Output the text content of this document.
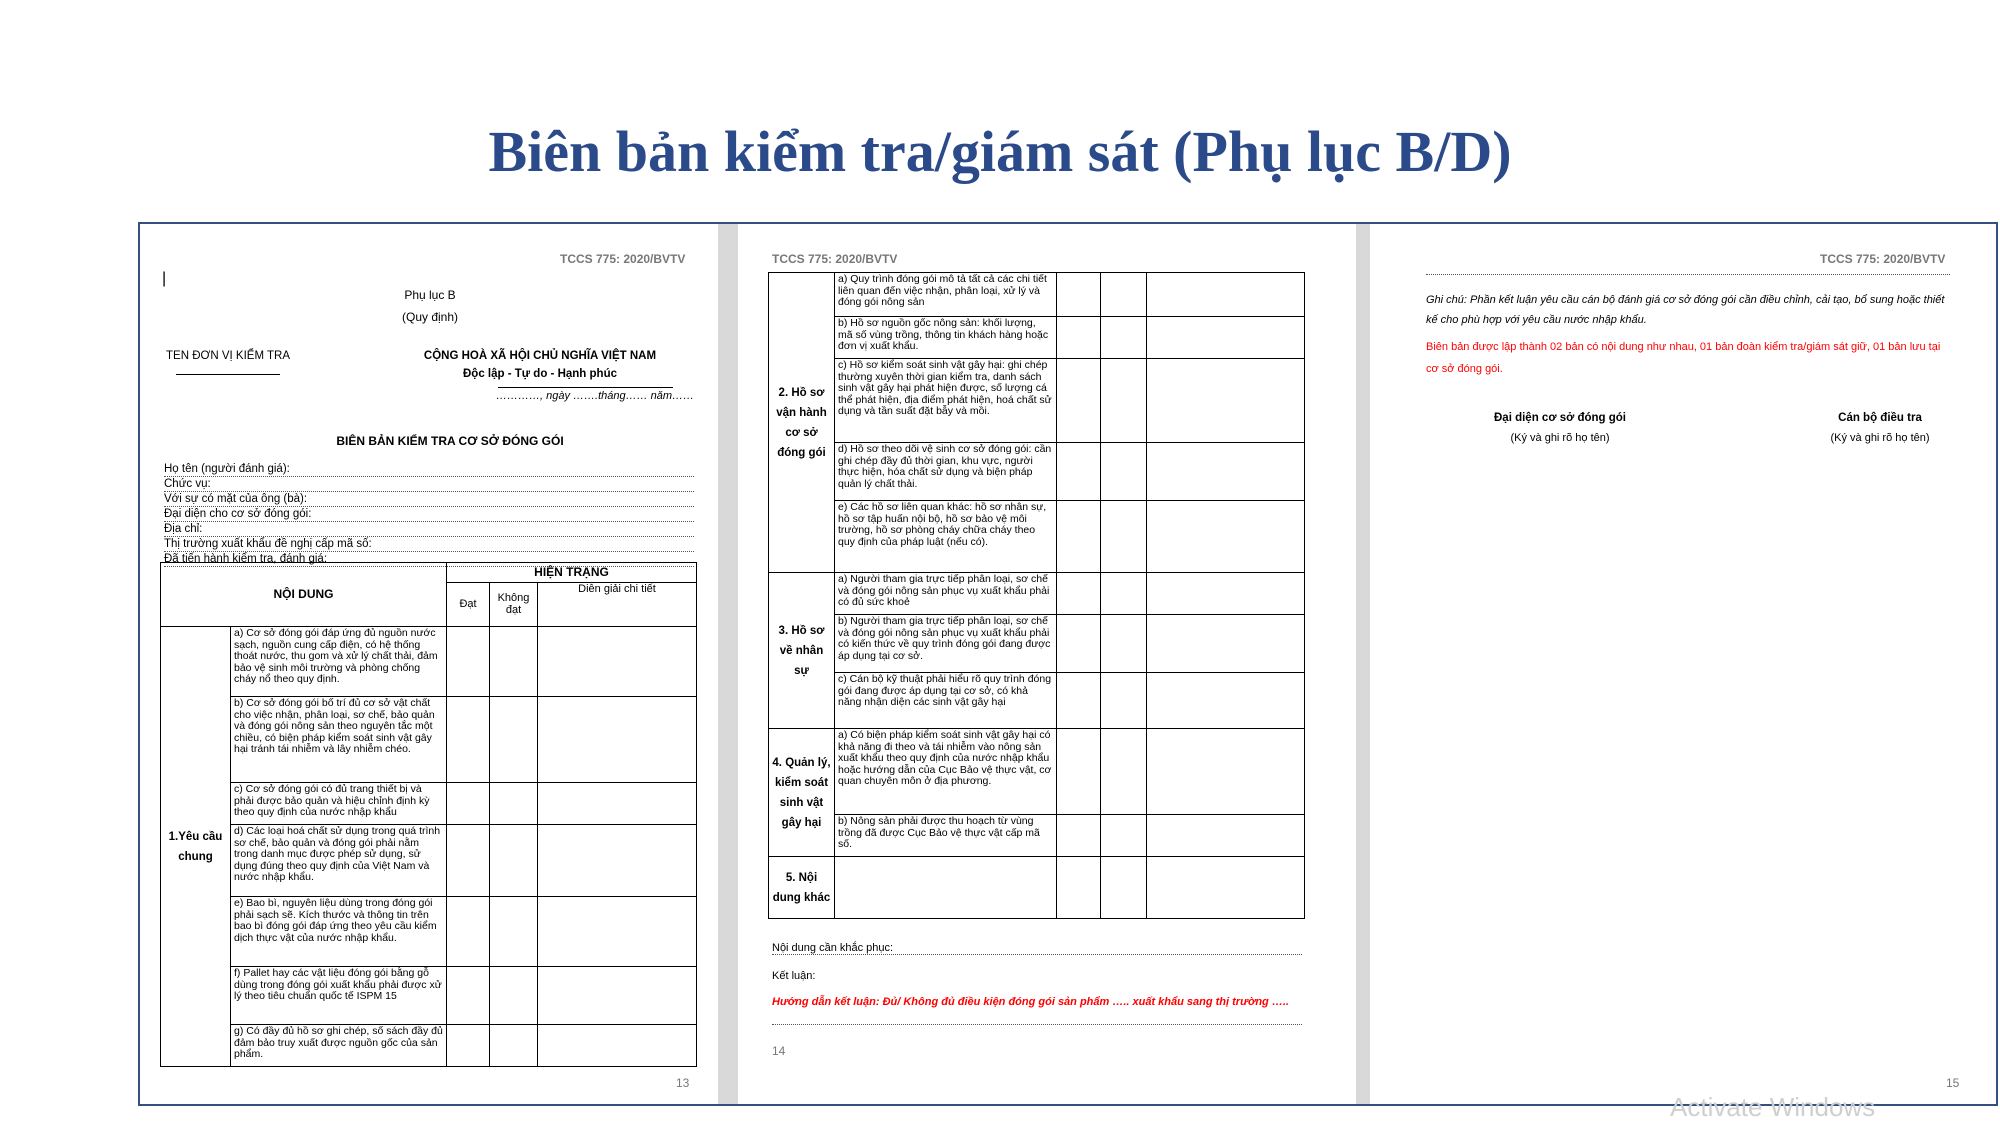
Biên bản kiểm tra/giám sát (Phụ lục B/D)
TCCS 775: 2020/BVTV
|
Phụ lục B
(Quy định)
TEN ĐƠN VỊ KIỂM TRA	CỘNG HOÀ XÃ HỘI CHỦ NGHĨA VIỆT NAM
Độc lập - Tự do - Hạnh phúc
…………, ngày …….tháng…… năm……
BIÊN BẢN KIỂM TRA CƠ SỞ ĐÓNG GÓI
Họ tên (người đánh giá):
Chức vụ:
Với sự có mặt của ông (bà):
Đại diện cho cơ sở đóng gói:
Địa chỉ:
Thị trường xuất khẩu đề nghị cấp mã số:
Đã tiến hành kiểm tra, đánh giá:
NỘI DUNG		HIỆN TRẠNG		
		Đạt	Không đạt	Diễn giải chi tiết
1.Yêu cầu chung	a) Cơ sở đóng gói đáp ứng đủ nguồn nước sạch, nguồn cung cấp điện, có hệ thống thoát nước, thu gom và xử lý chất thải, đảm bảo vệ sinh môi trường và phòng chống cháy nổ theo quy định.			
	b) Cơ sở đóng gói bố trí đủ cơ sở vật chất cho việc nhận, phân loại, sơ chế, bảo quản và đóng gói nông sản theo nguyên tắc một chiều, có biện pháp kiểm soát sinh vật gây hại tránh tái nhiễm và lây nhiễm chéo.			
	c) Cơ sở đóng gói có đủ trang thiết bị và phải được bảo quản và hiệu chỉnh định kỳ theo quy định của nước nhập khẩu			
	d) Các loại hoá chất sử dụng trong quá trình sơ chế, bảo quản và đóng gói phải nằm trong danh mục được phép sử dụng, sử dụng đúng theo quy định của Việt Nam và nước nhập khẩu.			
	e) Bao bì, nguyên liệu dùng trong đóng gói phải sạch sẽ. Kích thước và thông tin trên bao bì đóng gói đáp ứng theo yêu cầu kiểm dịch thực vật của nước nhập khẩu.			
	f) Pallet hay các vật liệu đóng gói bằng gỗ dùng trong đóng gói xuất khẩu phải được xử lý theo tiêu chuẩn quốc tế ISPM 15			
	g) Có đầy đủ hồ sơ ghi chép, số sách đầy đủ đảm bảo truy xuất được nguồn gốc của sản phẩm.			
13
TCCS 775: 2020/BVTV
2. Hồ sơ vận hành cơ sở đóng gói	a) Quy trình đóng gói mô tả tất cả các chi tiết liên quan đến việc nhận, phân loại, xử lý và đóng gói nông sản			
	b) Hồ sơ nguồn gốc nông sản: khối lượng, mã số vùng trồng, thông tin khách hàng hoặc đơn vị xuất khẩu.			
	c) Hồ sơ kiểm soát sinh vật gây hại: ghi chép thường xuyên thời gian kiểm tra, danh sách sinh vật gây hại phát hiện được, số lượng cá thể phát hiện, địa điểm phát hiện, hoá chất sử dụng và tần suất đặt bẫy và mồi.			
	d) Hồ sơ theo dõi vệ sinh cơ sở đóng gói: cần ghi chép đầy đủ thời gian, khu vực, người thực hiện, hóa chất sử dụng và biện pháp quản lý chất thải.			
	e) Các hồ sơ liên quan khác: hồ sơ nhân sự, hồ sơ tập huấn nội bộ, hồ sơ bảo vệ môi trường, hồ sơ phòng cháy chữa cháy theo quy định của pháp luật (nếu có).			
3. Hồ sơ về nhân sự	a) Người tham gia trực tiếp phân loại, sơ chế và đóng gói nông sản phục vụ xuất khẩu phải có đủ sức khoẻ			
	b) Người tham gia trực tiếp phân loại, sơ chế và đóng gói nông sản phục vụ xuất khẩu phải có kiến thức về quy trình đóng gói đang được áp dụng tại cơ sở.			
	c) Cán bộ kỹ thuật phải hiểu rõ quy trình đóng gói đang được áp dụng tại cơ sở, có khả năng nhận diện các sinh vật gây hại			
4. Quản lý, kiểm soát sinh vật gây hại	a) Có biện pháp kiểm soát sinh vật gây hại có khả năng đi theo và tái nhiễm vào nông sản xuất khẩu theo quy định của nước nhập khẩu hoặc hướng dẫn của Cục Bảo vệ thực vật, cơ quan chuyên môn ở địa phương.			
	b) Nông sản phải được thu hoạch từ vùng trồng đã được Cục Bảo vệ thực vật cấp mã số.			
5. Nội dung khác				
Nội dung cần khắc phục:
Kết luận:
Hướng dẫn kết luận: Đủ/ Không đủ điều kiện đóng gói sản phẩm ….. xuất khẩu sang thị trường …..
14
TCCS 775: 2020/BVTV
Ghi chú: Phần kết luận yêu cầu cán bộ đánh giá cơ sở đóng gói cần điều chỉnh, cải tạo, bổ sung hoặc thiết kế cho phù hợp với yêu cầu nước nhập khẩu.
Biên bản được lập thành 02 bản có nội dung như nhau, 01 bản đoàn kiểm tra/giám sát giữ, 01 bản lưu tại cơ sở đóng gói.
Đại diện cơ sở đóng gói
(Ký và ghi rõ họ tên)
Cán bộ điều tra
(Ký và ghi rõ họ tên)
15
Activate Windows
